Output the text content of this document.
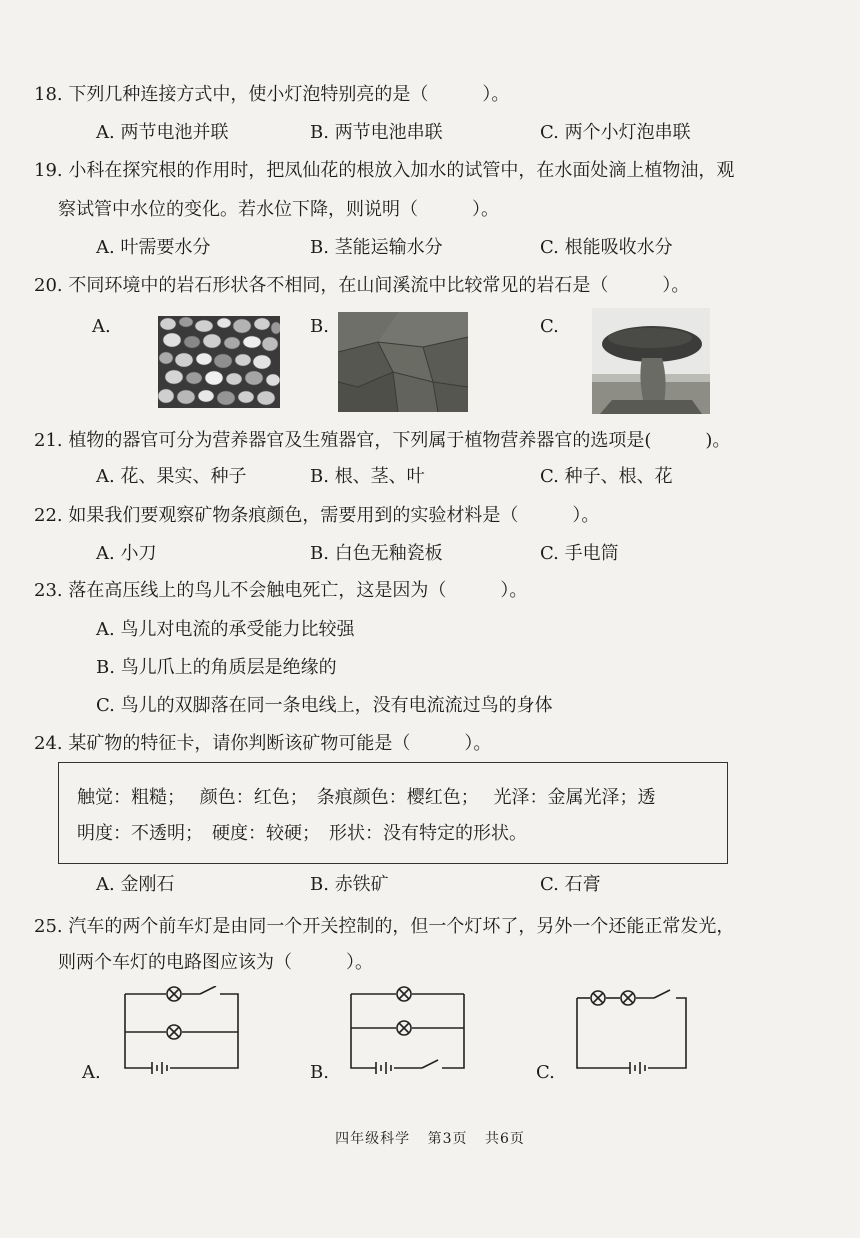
18. 下列几种连接方式中，使小灯泡特别亮的是（　　　）。
A. 两节电池并联	B. 两节电池串联	C. 两个小灯泡串联
19. 小科在探究根的作用时，把凤仙花的根放入加水的试管中，在水面处滴上植物油，观
察试管中水位的变化。若水位下降，则说明（　　　）。
A. 叶需要水分	B. 茎能运输水分	C. 根能吸收水分
20. 不同环境中的岩石形状各不相同，在山间溪流中比较常见的岩石是（　　　）。
A.	B.	C.
21. 植物的器官可分为营养器官及生殖器官，下列属于植物营养器官的选项是(　　　)。
A. 花、果实、种子	B. 根、茎、叶	C. 种子、根、花
22. 如果我们要观察矿物条痕颜色，需要用到的实验材料是（　　　）。
A. 小刀	B. 白色无釉瓷板	C. 手电筒
23. 落在高压线上的鸟儿不会触电死亡，这是因为（　　　）。
A. 鸟儿对电流的承受能力比较强
B. 鸟儿爪上的角质层是绝缘的
C. 鸟儿的双脚落在同一条电线上，没有电流流过鸟的身体
24. 某矿物的特征卡，请你判断该矿物可能是（　　　）。
触觉：粗糙；　 颜色：红色；　条痕颜色：樱红色；　 光泽：金属光泽；透
明度：不透明；　硬度：较硬；　形状：没有特定的形状。
A. 金刚石	B. 赤铁矿	C. 石膏
25. 汽车的两个前车灯是由同一个开关控制的，但一个灯坏了，另外一个还能正常发光，
则两个车灯的电路图应该为（　　　）。
A.	B.	C.
四年级科学 第3页 共6页
